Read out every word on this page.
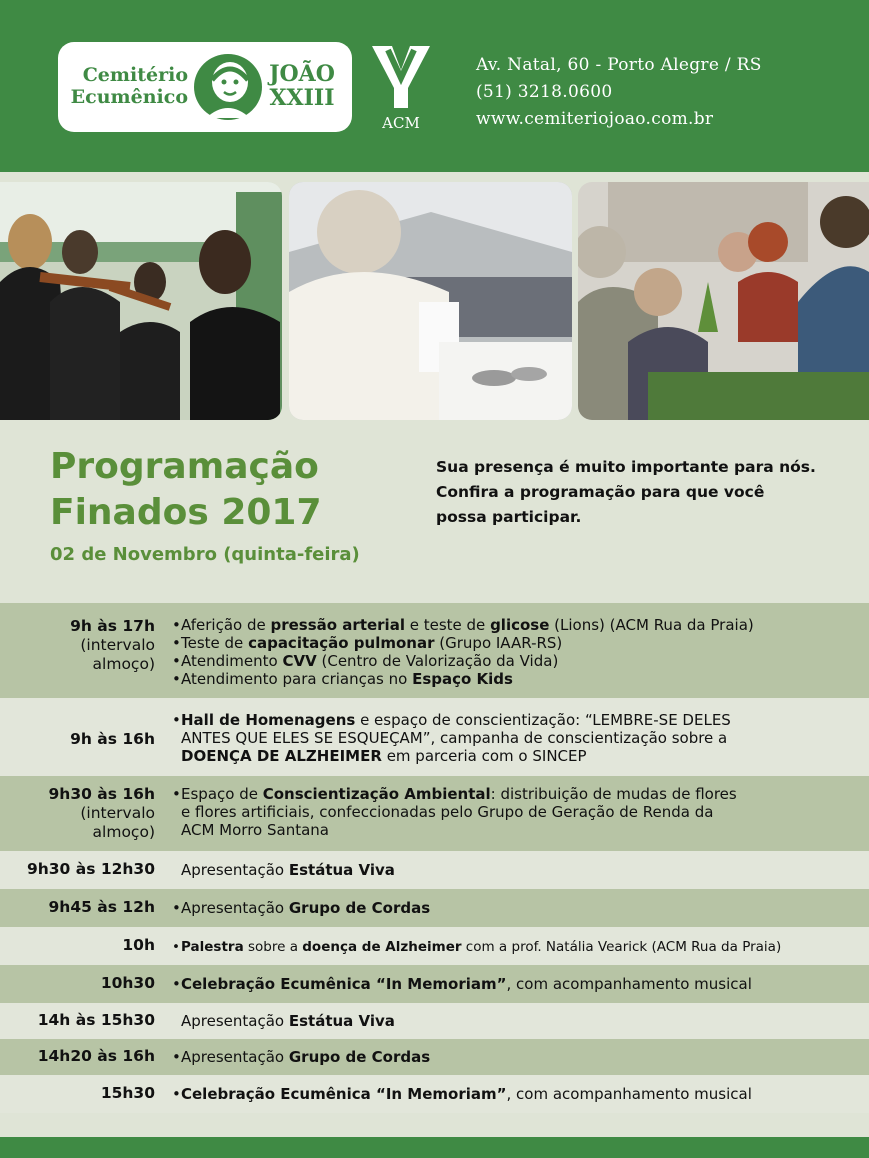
Cemitério
Ecumênico
JOÃO
XXIII
ACM
Av. Natal, 60 - Porto Alegre / RS
(51) 3218.0600
www.cemiteriojoao.com.br
Programação
Finados 2017
02 de Novembro (quinta-feira)
Sua presença é muito importante para nós. Confira a programação para que você possa participar.
9h às 17h
(intervalo
almoço)
•Aferição de pressão arterial e teste de glicose (Lions) (ACM Rua da Praia)
•Teste de capacitação pulmonar (Grupo IAAR-RS)
•Atendimento CVV (Centro de Valorização da Vida)
•Atendimento para crianças no Espaço Kids
9h às 16h
•Hall de Homenagens e espaço de conscientização: “LEMBRE-SE DELES
ANTES QUE ELES SE ESQUEÇAM”, campanha de conscientização sobre a
DOENÇA DE ALZHEIMER em parceria com o SINCEP
9h30 às 16h
(intervalo
almoço)
•Espaço de Conscientização Ambiental: distribuição de mudas de flores
e flores artificiais, confeccionadas pelo Grupo de Geração de Renda da
ACM Morro Santana
9h30 às 12h30	Apresentação Estátua Viva
9h45 às 12h •Apresentação Grupo de Cordas
10h •Palestra sobre a doença de Alzheimer com a prof. Natália Vearick (ACM Rua da Praia)
10h30 •Celebração Ecumênica “In Memoriam”, com acompanhamento musical
14h às 15h30	Apresentação Estátua Viva
14h20 às 16h •Apresentação Grupo de Cordas
15h30 •Celebração Ecumênica “In Memoriam”, com acompanhamento musical
